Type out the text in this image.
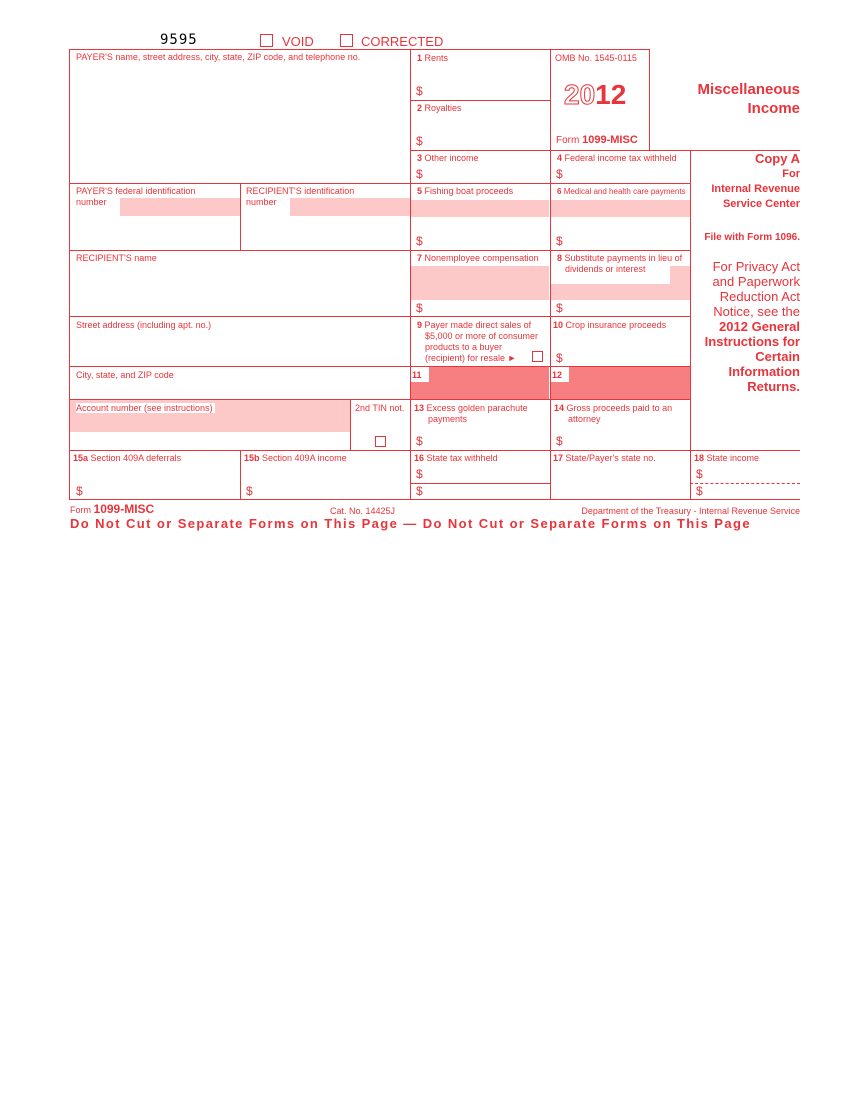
9595	VOID	CORRECTED
PAYER'S name, street address, city, state, ZIP code, and telephone no.
PAYER'S federal identification
number
RECIPIENT'S identification
number
RECIPIENT'S name
Street address (including apt. no.)
City, state, and ZIP code
Account number (see instructions)	2nd TIN not.
1 Rents
$
2 Royalties
$
OMB No. 1545-0115
2012
Form 1099-MISC
Miscellaneous
Income
3 Other income
$
4 Federal income tax withheld
$
5 Fishing boat proceeds
$
6 Medical and health care payments
$
7 Nonemployee compensation
$
8 Substitute payments in lieu of
dividends or interest
$
9 Payer made direct sales of
$5,000 or more of consumer
products to a buyer
(recipient) for resale ►
10 Crop insurance proceeds
$
11	12
13 Excess golden parachute
payments
$
14 Gross proceeds paid to an
attorney
$
15a Section 409A deferrals
$
15b Section 409A income
$
16 State tax withheld
$
$
17 State/Payer's state no.	18 State income
$
$
Copy A
For
Internal Revenue
Service Center
File with Form 1096.
For Privacy Act
and Paperwork
Reduction Act
Notice, see the
2012 General
Instructions for
Certain
Information
Returns.
Form 1099-MISC	Cat. No. 14425J	Department of the Treasury - Internal Revenue Service
Do Not Cut or Separate Forms on This Page — Do Not Cut or Separate Forms on This Page
